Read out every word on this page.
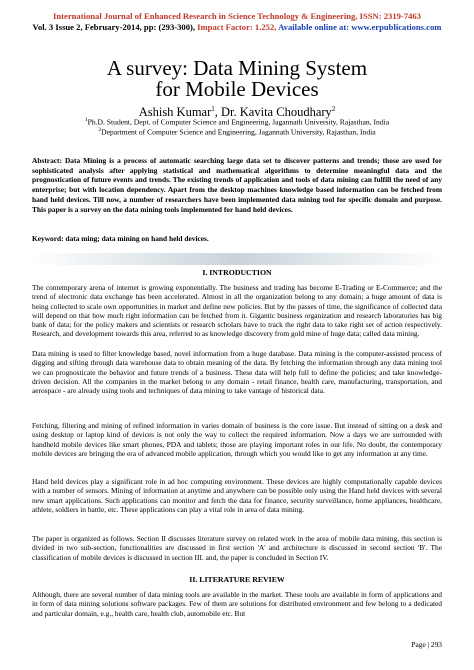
International Journal of Enhanced Research in Science Technology & Engineering, ISSN: 2319-7463
Vol. 3 Issue 2, February-2014, pp: (293-300), Impact Factor: 1.252, Available online at: www.erpublications.com
A survey: Data Mining System
for Mobile Devices
Ashish Kumar$^1$, Dr. Kavita Choudhary$^2$
$^1$Ph.D. Student, Dept. of Computer Science and Engineering, Jagannath University, Rajasthan, India
$^2$Department of Computer Science and Engineering, Jagannath University, Rajasthan, India
Abstract: Data Mining is a process of automatic searching large data set to discover patterns and trends; those are used for sophisticated analysis after applying statistical and mathematical algorithms to determine meaningful data and the prognostication of future events and trends. The existing trends of application and tools of data mining can fulfill the need of any enterprise; but with location dependency. Apart from the desktop machines knowledge based information can be fetched from hand held devices. Till now, a number of researchers have been implemented data mining tool for specific domain and purpose. This paper is a survey on the data mining tools implemented for hand held devices.
Keyword: data ming; data mining on hand held devices.
I. INTRODUCTION
The contemporary arena of internet is growing exponentially. The business and trading has become E-Trading or E-Commerce; and the trend of electronic data exchange has been accelerated. Almost in all the organization belong to any domain; a huge amount of data is being collected to scale own opportunities in market and define new policies. But by the passes of time, the significance of collected data will depend on that how much right information can be fetched from it. Gigantic business organization and research laboratories has big bank of data; for the policy makers and scientists or research scholars have to track the right data to take right set of action respectively. Research, and development towards this area, referred to as knowledge discovery from gold mine of huge data; called data mining.
Data mining is used to filter knowledge based, novel information from a huge database. Data mining is the computer-assisted process of digging and sifting through data warehouse data to obtain meaning of the data. By fetching the information through any data mining tool we can prognosticate the behavior and future trends of a business. These data will help full to define the policies; and take knowledge-driven decision. All the companies in the market belong to any domain - retail finance, health care, manufacturing, transportation, and aerospace - are already using tools and techniques of data mining to take vantage of historical data.
Fetching, filtering and mining of refined information in varies domain of business is the core issue. But instead of sitting on a desk and using desktop or laptop kind of devices is not only the way to collect the required information. Now a days we are surrounded with handheld mobile devices like smart phones, PDA and tablets; those are playing important roles in our life. No doubt, the contemporary mobile devices are bringing the era of advanced mobile application, through which you would like to get any information at any time.
Hand held devices play a significant role in ad hoc computing environment. These devices are highly computationally capable devices with a number of sensors. Mining of information at anytime and anywhere can be possible only using the Hand held devices with several new smart applications. Such applications can monitor and fetch the data for finance, security surveillance, home appliances, healthcare, athlete, soldiers in battle, etc. These applications can play a vital role in area of data mining.
The paper is organized as follows. Section II discusses literature survey on related work in the area of mobile data mining, this section is divided in two sub-section, functionalities are discussed in first section 'A' and architecture is discussed in second section 'B'. The classification of mobile devices is discussed in section III. and, the paper is concluded in Section IV.
II. LITERATURE REVIEW
Although, there are several number of data mining tools are available in the market. These tools are available in form of applications and in form of data mining solutions software packages. Few of them are solutions for distributed environment and few belong to a dedicated and particular domain, e.g., health care, health club, automobile etc. But
Page | 293
